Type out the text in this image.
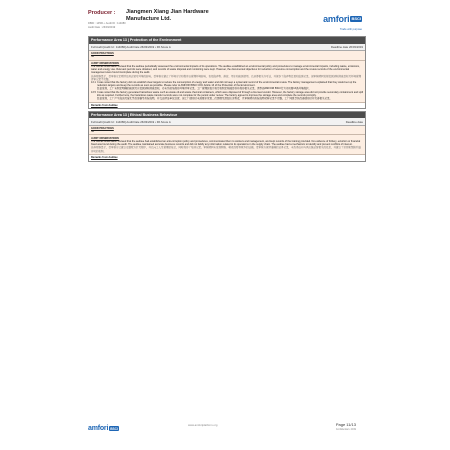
Producer : Jiangmen Xiang Jian Hardware
Manufacture Ltd.
DBID : 14561 • Audit ID : 114080
Audit Date : 26/03/2019
amfori BSCI
Trade with purpose
Performance Area 13 | Protection of the Environment
Full Audit [Audit Id : 114080] Audit Date 26/03/2019 • PA Score A	Deadline date 26/03/2019
GOOD PRACTICES
Nil
AUDIT OBSERVATIONS
The overall observation showed that the auditee periodically assessed the environmental impacts of its operations. The auditee established an environmental policy and procedures to manage environmental impacts, including waste, emissions, water and energy use. Relevant permits were obtained, and records of waste disposal and monitoring were kept. However, the documented objectives for reduction of resource consumption and the review records of the environmental management were found incomplete during the audit.
总体观察显示，受审核方定期评估其运营对环境的影响。受审核方建立了环境方针和程序以管理环境影响，包括废弃物、排放、用水和能源使用。已获得相关许可证，并保存了废弃物处置和监测记录。但审核期间发现资源消耗削减目标及环境管理评审记录不完整。
13.1 It was noted that the factory did not establish clear targets to reduce the consumption of energy and water and did not keep a systematic record of the environmental review. The factory management explained that they would set up the reduction targets and keep the records as soon as possible. Please refer to AMFORI BSCI COC Article 13 of the Protection of the Environment.
经查发现，工厂未制定明确的能源及水资源消耗削减目标，亦未系统地保存环境评审记录。工厂管理层表示将尽快制定削减目标并保存相关记录。请参阅AMFORI BSCI行为守则第13条环境保护。
13.5 It was noted that the factory generated hazardous waste such as waste oil and waste chemical containers, which were disposed of through a licensed vendor. However, the factory storage area did not provide secondary containment and spill kits as required. Furthermore, the hazardous waste transfer records were not complete for the period under review. The factory agreed to improve the storage area and complete the records promptly.
经查发现，工厂产生废油及废化学品容器等危险废物，并交由持证单位处置。但工厂储存区未按要求设置二次围堵及泄漏应急物资，且审核期内危险废物转移记录不完整。工厂同意尽快改善储存区并完善相关记录。
Remarks from Auditee
Performance Area 13 | Ethical Business Behaviour
Full Audit [Audit Id : 114080] Audit Date 26/03/2019 • PA Score A	Deadline date
GOOD PRACTICES
Nil
AUDIT OBSERVATIONS
The overall observation showed that the auditee had established an anti-corruption policy and procedures, communicated them to workers and management, and kept records of the training provided. No evidence of bribery, extortion or financial fraud was found during the audit. The auditee maintained accurate business records and did not falsify any information related to its operations in the supply chain. The auditee had a mechanism to identify and prevent conflicts of interest.
总体观察显示，受审核方已建立反腐败方针及程序，并已向工人及管理层传达，同时保存了培训记录。审核期间未发现贿赂、勒索或财务欺诈的证据。受审核方保持准确的业务记录，未伪造任何与供应链运营相关的信息，并建立了识别和预防利益冲突的机制。
Remarks from Auditee
amfori BSCI
www.amforiplatform.org	Page 11/13
Confidential • 2019
